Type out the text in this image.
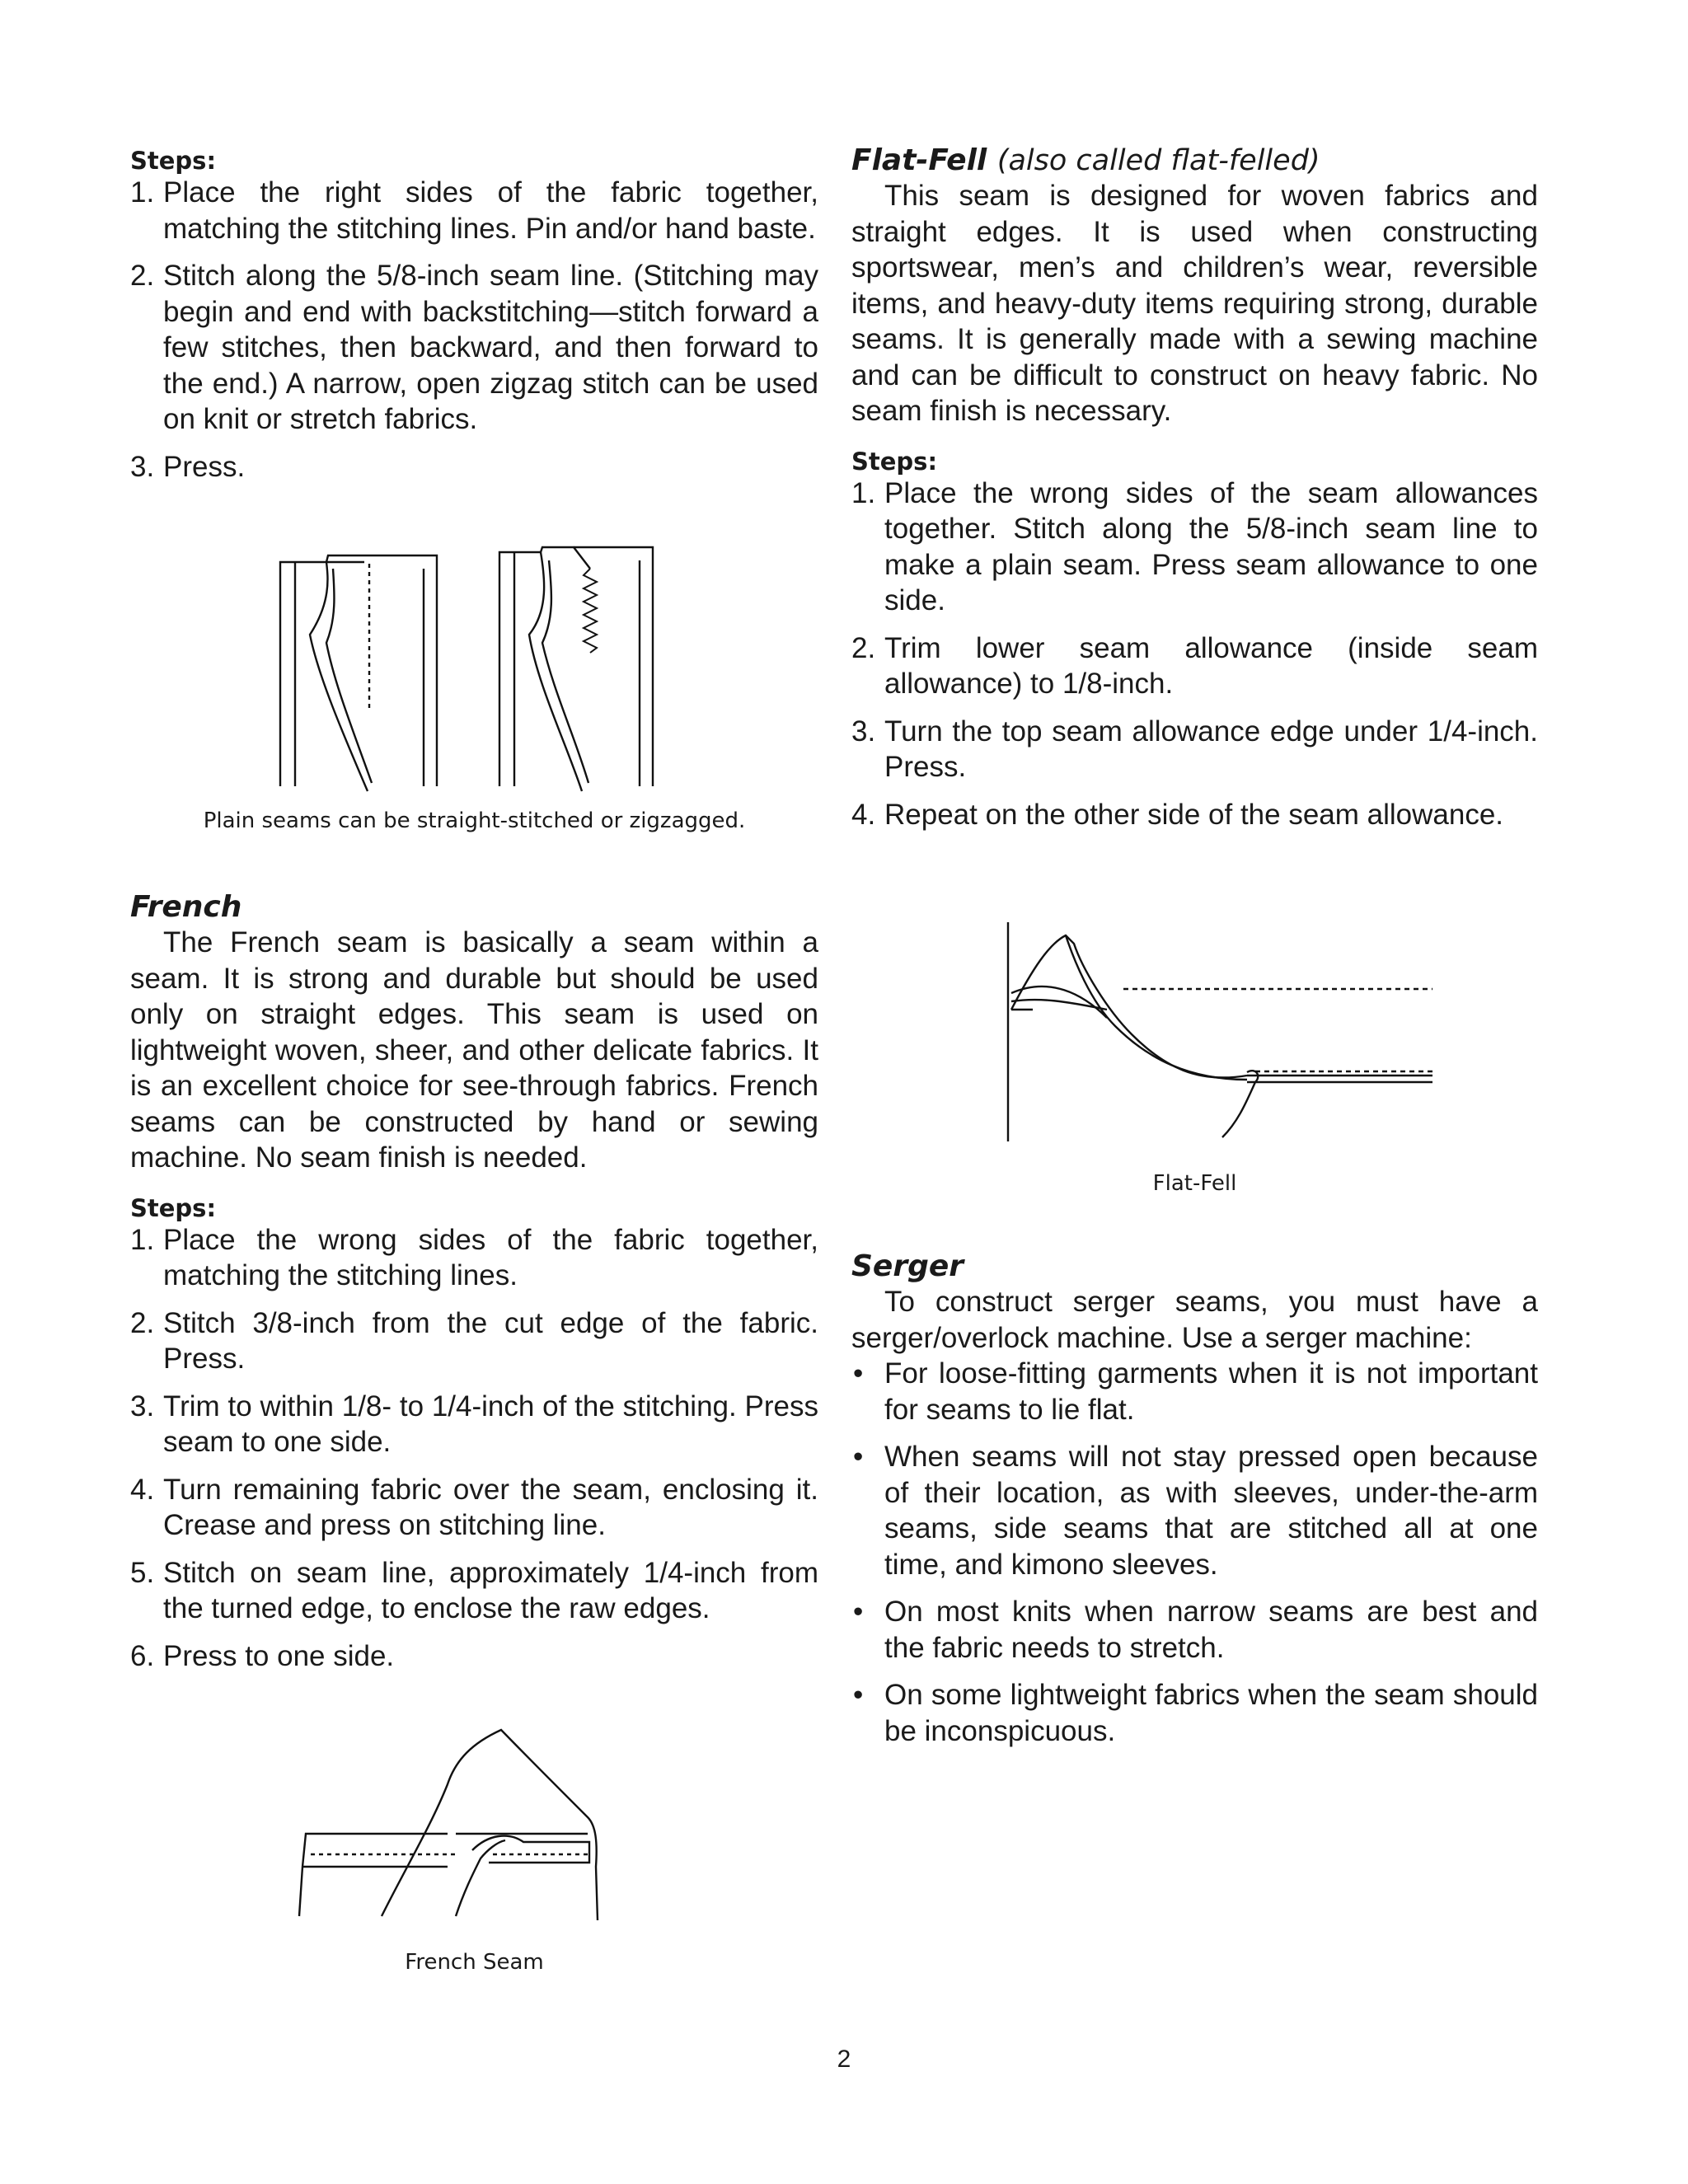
Steps:

1. Place the right sides of the fabric together, matching the stitching lines. Pin and/or hand baste.
2. Stitch along the 5/8-inch seam line. (Stitching may begin and end with backstitching—stitch forward a few stitches, then backward, and then forward to the end.) A narrow, open zigzag stitch can be used on knit or stretch fabrics.
3. Press.
Plain seams can be straight-stitched or zigzagged.
French

The French seam is basically a seam within a seam. It is strong and durable but should be used only on straight edges. This seam is used on lightweight woven, sheer, and other delicate fabrics. It is an excellent choice for see-through fabrics. French seams can be constructed by hand or sewing machine. No seam finish is needed.

Steps:

1. Place the wrong sides of the fabric together, matching the stitching lines.
2. Stitch 3/8-inch from the cut edge of the fabric. Press.
3. Trim to within 1/8- to 1/4-inch of the stitching. Press seam to one side.
4. Turn remaining fabric over the seam, enclosing it. Crease and press on stitching line.
5. Stitch on seam line, approximately 1/4-inch from the turned edge, to enclose the raw edges.
6. Press to one side.
French Seam
Flat-Fell (also called flat-felled)

This seam is designed for woven fabrics and straight edges. It is used when constructing sportswear, men’s and children’s wear, reversible items, and heavy-duty items requiring strong, durable seams. It is generally made with a sewing machine and can be difficult to construct on heavy fabric. No seam finish is necessary.

Steps:

1. Place the wrong sides of the seam allowances together. Stitch along the 5/8-inch seam line to make a plain seam. Press seam allowance to one side.
2. Trim lower seam allowance (inside seam allowance) to 1/8-inch.
3. Turn the top seam allowance edge under 1/4-inch. Press.
4. Repeat on the other side of the seam allowance.
Flat-Fell
Serger

To construct serger seams, you must have a serger/overlock machine. Use a serger machine:

• For loose-fitting garments when it is not important for seams to lie flat.
• When seams will not stay pressed open because of their location, as with sleeves, under-the-arm seams, side seams that are stitched all at one time, and kimono sleeves.
• On most knits when narrow seams are best and the fabric needs to stretch.
• On some lightweight fabrics when the seam should be inconspicuous.
2
